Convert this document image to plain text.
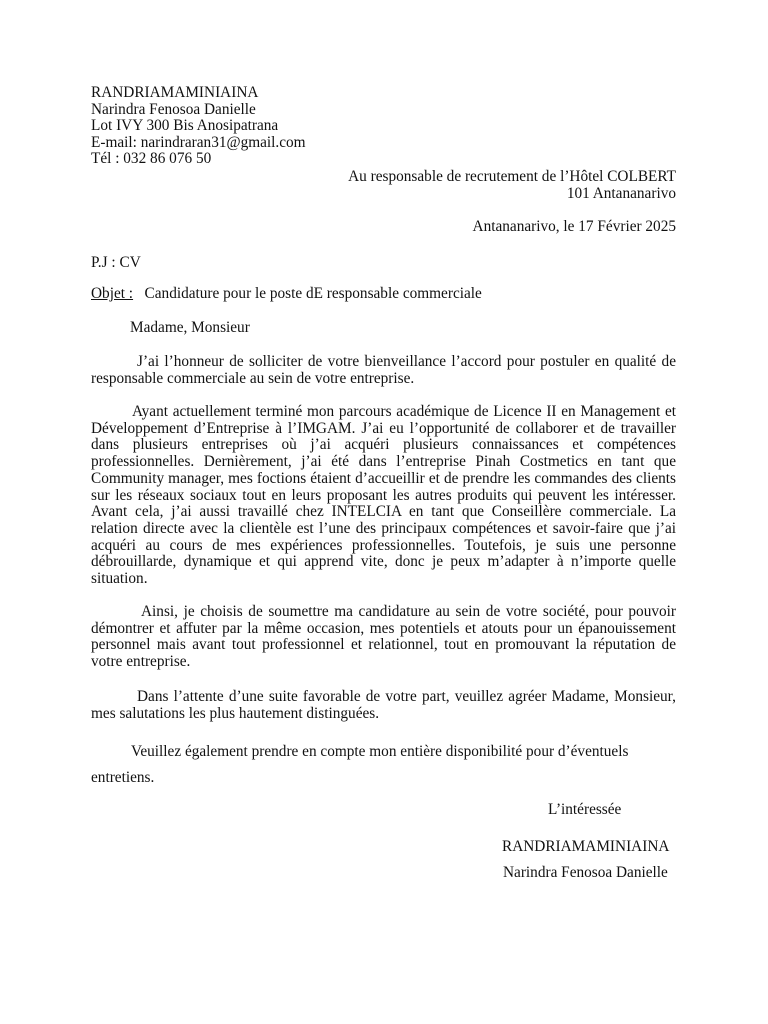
RANDRIAMAMINIAINA
Narindra Fenosoa Danielle
Lot IVY 300 Bis Anosipatrana
E-mail: narindraran31@gmail.com
Tél : 032 86 076 50
Au responsable de recrutement de l’Hôtel COLBERT
101 Antananarivo
Antananarivo, le 17 Février 2025
P.J : CV
Objet : Candidature pour le poste dE responsable commerciale
Madame, Monsieur

J’ai l’honneur de solliciter de votre bienveillance l’accord pour postuler en qualité de responsable commerciale au sein de votre entreprise.

Ayant actuellement terminé mon parcours académique de Licence II en Management et Développement d’Entreprise à l’IMGAM. J’ai eu l’opportunité de collaborer et de travailler dans plusieurs entreprises où j’ai acquéri plusieurs connaissances et compétences professionnelles. Dernièrement, j’ai été dans l’entreprise Pinah Costmetics en tant que Community manager, mes foctions étaient d’accueillir et de prendre les commandes des clients sur les réseaux sociaux tout en leurs proposant les autres produits qui peuvent les intéresser. Avant cela, j’ai aussi travaillé chez INTELCIA en tant que Conseillère commerciale. La relation directe avec la clientèle est l’une des principaux compétences et savoir-faire que j’ai acquéri au cours de mes expériences professionnelles. Toutefois, je suis une personne débrouillarde, dynamique et qui apprend vite, donc je peux m’adapter à n’importe quelle situation.

Ainsi, je choisis de soumettre ma candidature au sein de votre société, pour pouvoir démontrer et affuter par la même occasion, mes potentiels et atouts pour un épanouissement personnel mais avant tout professionnel et relationnel, tout en promouvant la réputation de votre entreprise.

Dans l’attente d’une suite favorable de votre part, veuillez agréer Madame, Monsieur, mes salutations les plus hautement distinguées.

Veuillez également prendre en compte mon entière disponibilité pour d’éventuels entretiens.

L’intéressée
RANDRIAMAMINIAINA
Narindra Fenosoa Danielle
